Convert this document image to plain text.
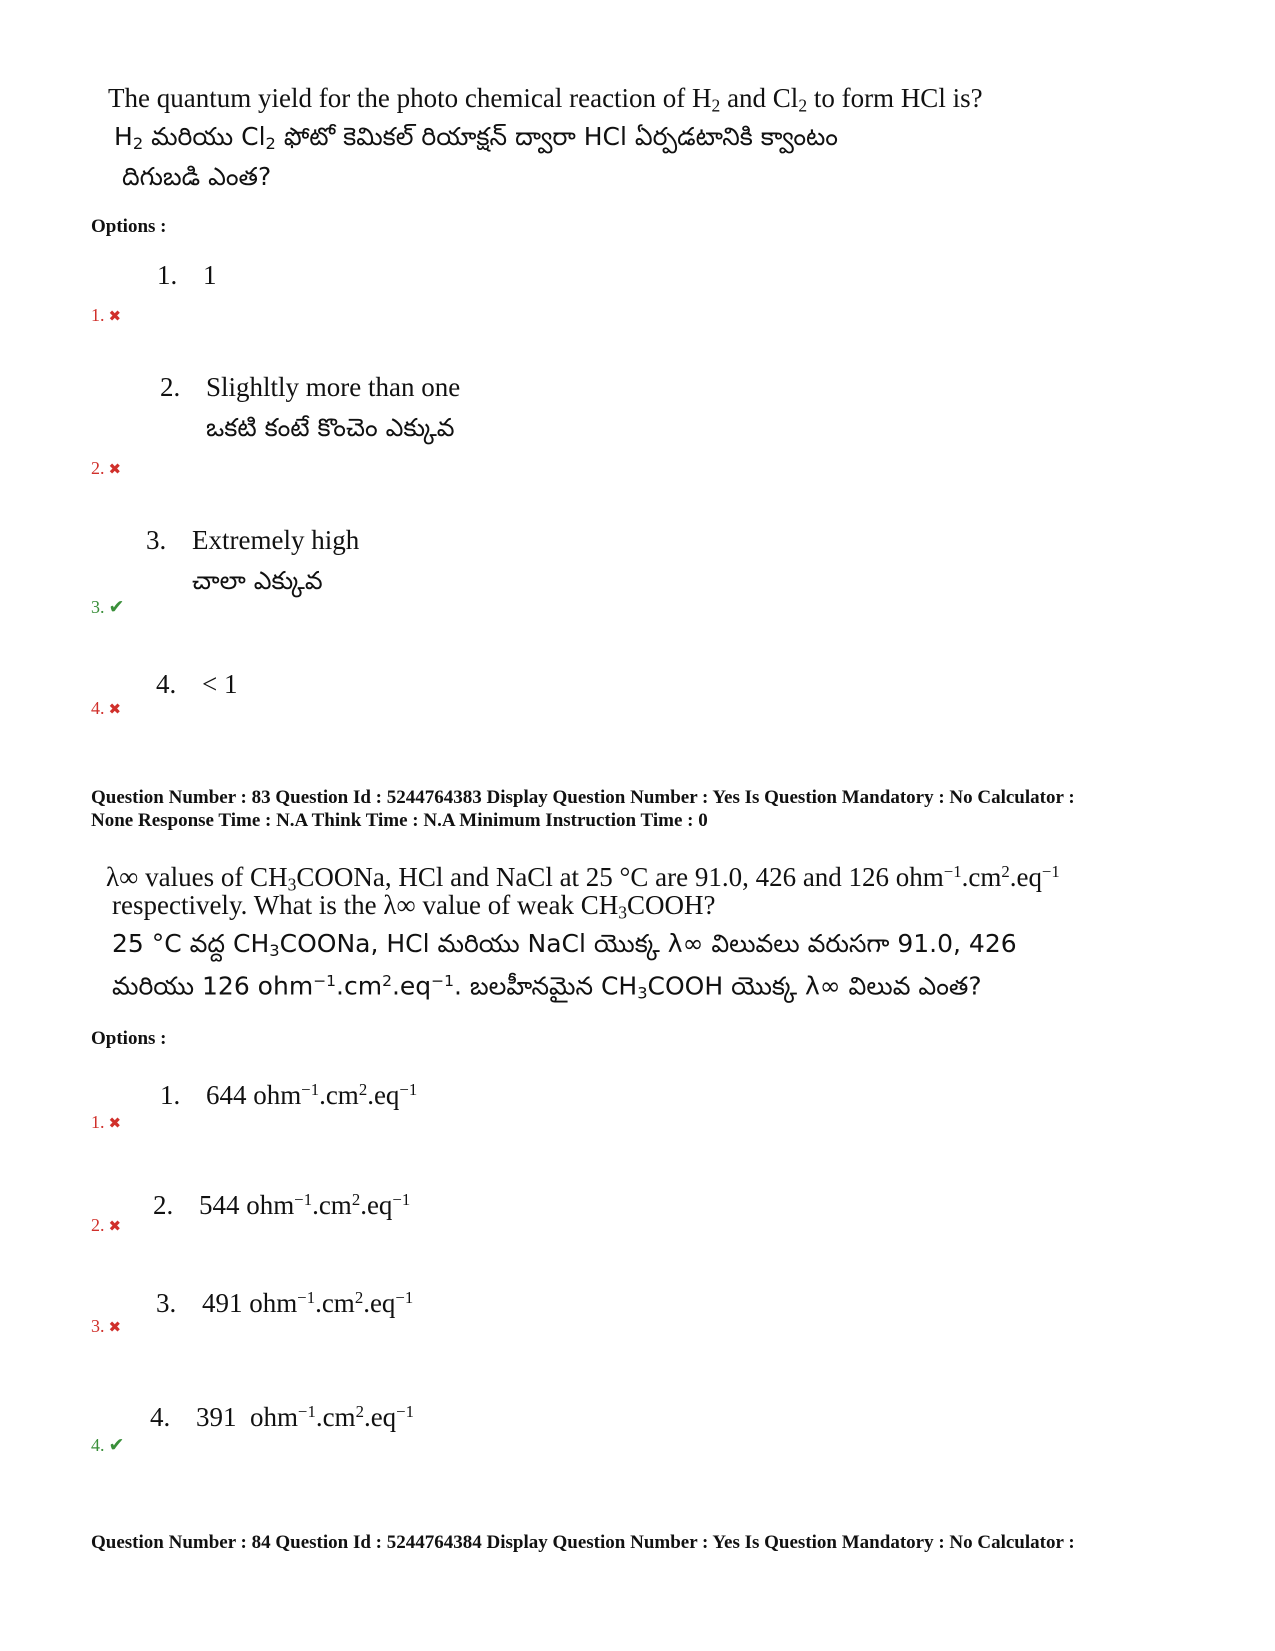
The quantum yield for the photo chemical reaction of $H_2$ and $Cl_2$ to form HCl is?
$H_2$ మరియు $Cl_2$ ఫోటో కెమికల్ రియాక్షన్ ద్వారా HCl ఏర్పడటానికి క్వాంటం
దిగుబడి ఎంత?
Options :
1. 1
1. ✖
2. Slighltly more than one
ఒకటి కంటే కొంచెం ఎక్కువ
2. ✖
3. Extremely high
చాలా ఎక్కువ
3. ✔
4. < 1
4. ✖
Question Number : 83 Question Id : 5244764383 Display Question Number : Yes Is Question Mandatory : No Calculator :
None Response Time : N.A Think Time : N.A Minimum Instruction Time : 0
λ∞ values of $CH_3COONa$, HCl and NaCl at 25 °C are 91.0, 426 and 126 $ohm^{-1}.cm^2.eq^{-1}$
respectively. What is the λ∞ value of weak $CH_3COOH$?
25 °C వద్ద $CH_3COONa$, HCl మరియు NaCl యొక్క λ∞ విలువలు వరుసగా 91.0, 426
మరియు 126 $ohm^{-1}.cm^2.eq^{-1}$. బలహీనమైన $CH_3COOH$ యొక్క λ∞ విలువ ఎంత?
Options :
1. 644 $ohm^{-1}.cm^2.eq^{-1}$
1. ✖
2. 544 $ohm^{-1}.cm^2.eq^{-1}$
2. ✖
3. 491 $ohm^{-1}.cm^2.eq^{-1}$
3. ✖
4. 391 $ohm^{-1}.cm^2.eq^{-1}$
4. ✔
Question Number : 84 Question Id : 5244764384 Display Question Number : Yes Is Question Mandatory : No Calculator :
